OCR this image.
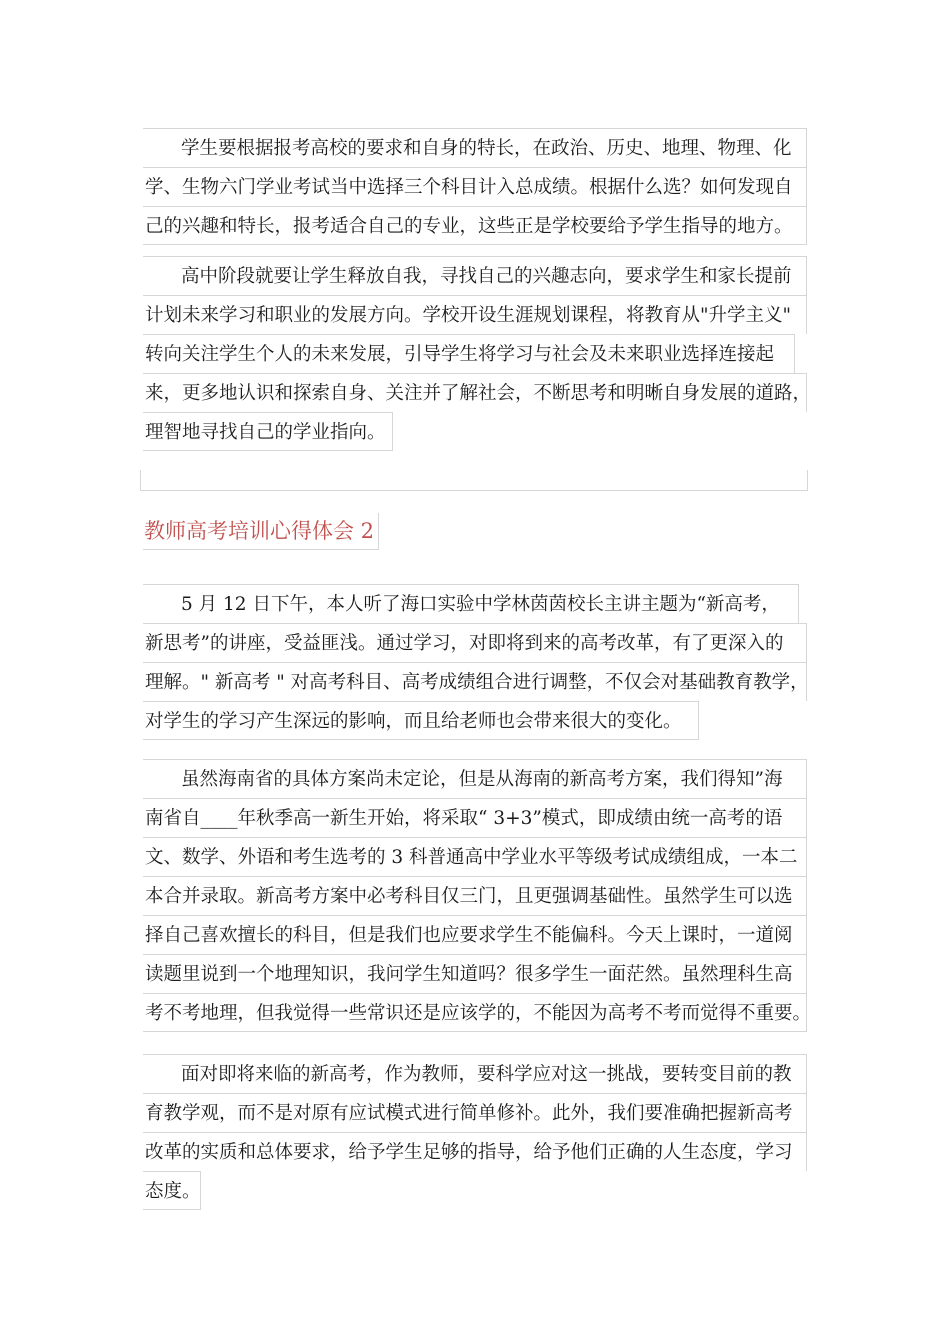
学生要根据报考高校的要求和自身的特长，在政治、历史、地理、物理、化
学、生物六门学业考试当中选择三个科目计入总成绩。根据什么选？如何发现自
己的兴趣和特长，报考适合自己的专业，这些正是学校要给予学生指导的地方。
高中阶段就要让学生释放自我，寻找自己的兴趣志向，要求学生和家长提前
计划未来学习和职业的发展方向。学校开设生涯规划课程，将教育从"升学主义"
转向关注学生个人的未来发展，引导学生将学习与社会及未来职业选择连接起
来，更多地认识和探索自身、关注并了解社会，不断思考和明晰自身发展的道路，
理智地寻找自己的学业指向。
教师高考培训心得体会 2
5 月 12 日下午，本人听了海口实验中学林茵茵校长主讲主题为“新高考，
新思考”的讲座，受益匪浅。通过学习，对即将到来的高考改革，有了更深入的
理解。" 新高考 " 对高考科目、高考成绩组合进行调整，不仅会对基础教育教学，
对学生的学习产生深远的影响，而且给老师也会带来很大的变化。
虽然海南省的具体方案尚未定论，但是从海南的新高考方案，我们得知”海
南省自____年秋季高一新生开始，将采取“ 3+3”模式，即成绩由统一高考的语
文、数学、外语和考生选考的 3 科普通高中学业水平等级考试成绩组成，一本二
本合并录取。新高考方案中必考科目仅三门，且更强调基础性。虽然学生可以选
择自己喜欢擅长的科目，但是我们也应要求学生不能偏科。今天上课时，一道阅
读题里说到一个地理知识，我问学生知道吗？很多学生一面茫然。虽然理科生高
考不考地理，但我觉得一些常识还是应该学的，不能因为高考不考而觉得不重要。
面对即将来临的新高考，作为教师，要科学应对这一挑战，要转变目前的教
育教学观，而不是对原有应试模式进行简单修补。此外，我们要准确把握新高考
改革的实质和总体要求，给予学生足够的指导，给予他们正确的人生态度，学习
态度。
